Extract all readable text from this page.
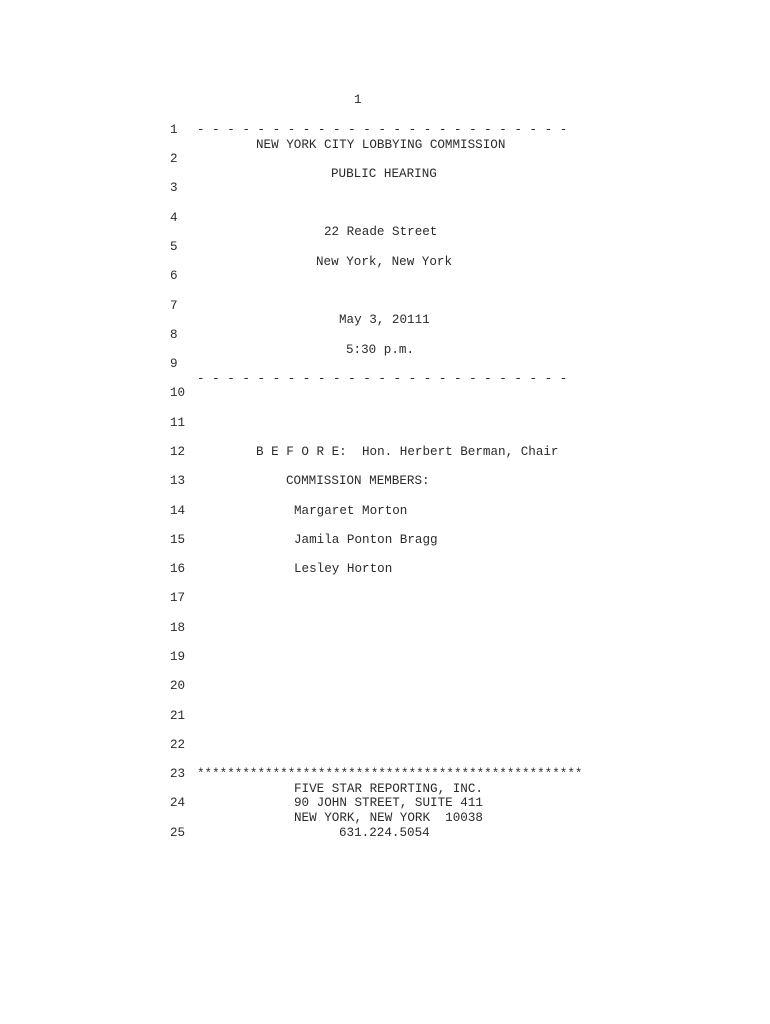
1
1
2
3
4
5
6
7
8
9
10
11
12
13
14
15
16
17
18
19
20
21
22
23
24
25
- - - - - - - - - - - - - - - - - - - - - - - - -
NEW YORK CITY LOBBYING COMMISSION
PUBLIC HEARING
22 Reade Street
New York, New York
May 3, 20111
5:30 p.m.
- - - - - - - - - - - - - - - - - - - - - - - - -
B E F O R E: Hon. Herbert Berman, Chair
COMMISSION MEMBERS:
Margaret Morton
Jamila Ponton Bragg
Lesley Horton
***************************************************
FIVE STAR REPORTING, INC.
90 JOHN STREET, SUITE 411
NEW YORK, NEW YORK  10038
631.224.5054
